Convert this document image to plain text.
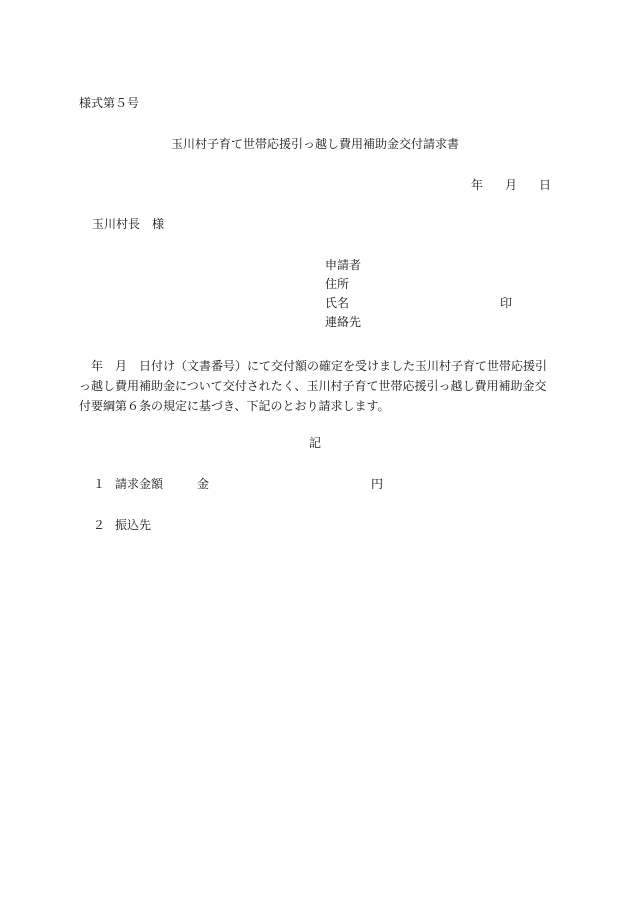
様式第５号
玉川村子育て世帯応援引っ越し費用補助金交付請求書
年 月 日
玉川村長　様
申請者
住所
氏名	印
連絡先
年　月　日付け（文書番号）にて交付額の確定を受けました玉川村子育て世帯応援引っ越し費用補助金について交付されたく、玉川村子育て世帯応援引っ越し費用補助金交付要綱第６条の規定に基づき、下記のとおり請求します。
記
１ 請求金額	金	円
２ 振込先
